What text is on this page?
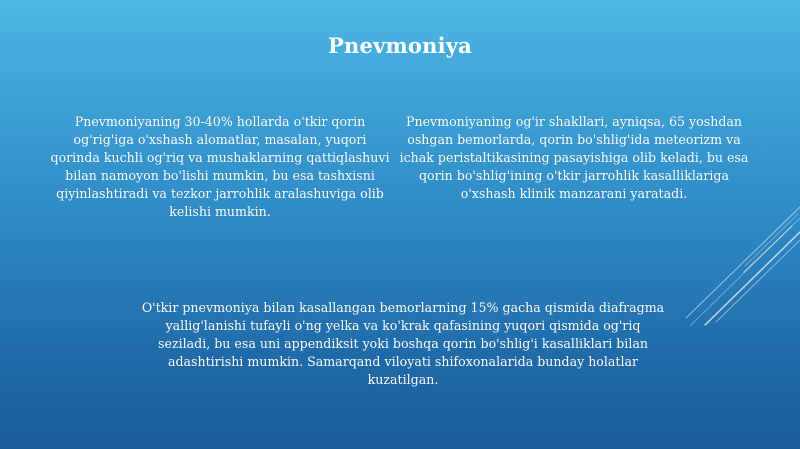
Pnevmoniya
Pnevmoniyaning 30-40% hollarda o'tkir qorin og'rig'iga o'xshash alomatlar, masalan, yuqori qorinda kuchli og'riq va mushaklarning qattiqlashuvi bilan namoyon bo'lishi mumkin, bu esa tashxisni qiyinlashtiradi va tezkor jarrohlik aralashuviga olib kelishi mumkin.
Pnevmoniyaning og'ir shakllari, ayniqsa, 65 yoshdan oshgan bemorlarda, qorin bo'shlig'ida meteorizm va ichak peristaltikasining pasayishiga olib keladi, bu esa qorin bo'shlig'ining o'tkir jarrohlik kasalliklariga o'xshash klinik manzarani yaratadi.
O'tkir pnevmoniya bilan kasallangan bemorlarning 15% gacha qismida diafragma yallig'lanishi tufayli o'ng yelka va ko'krak qafasining yuqori qismida og'riq seziladi, bu esa uni appendiksit yoki boshqa qorin bo'shlig'i kasalliklari bilan adashtirishi mumkin. Samarqand viloyati shifoxonalarida bunday holatlar kuzatilgan.
